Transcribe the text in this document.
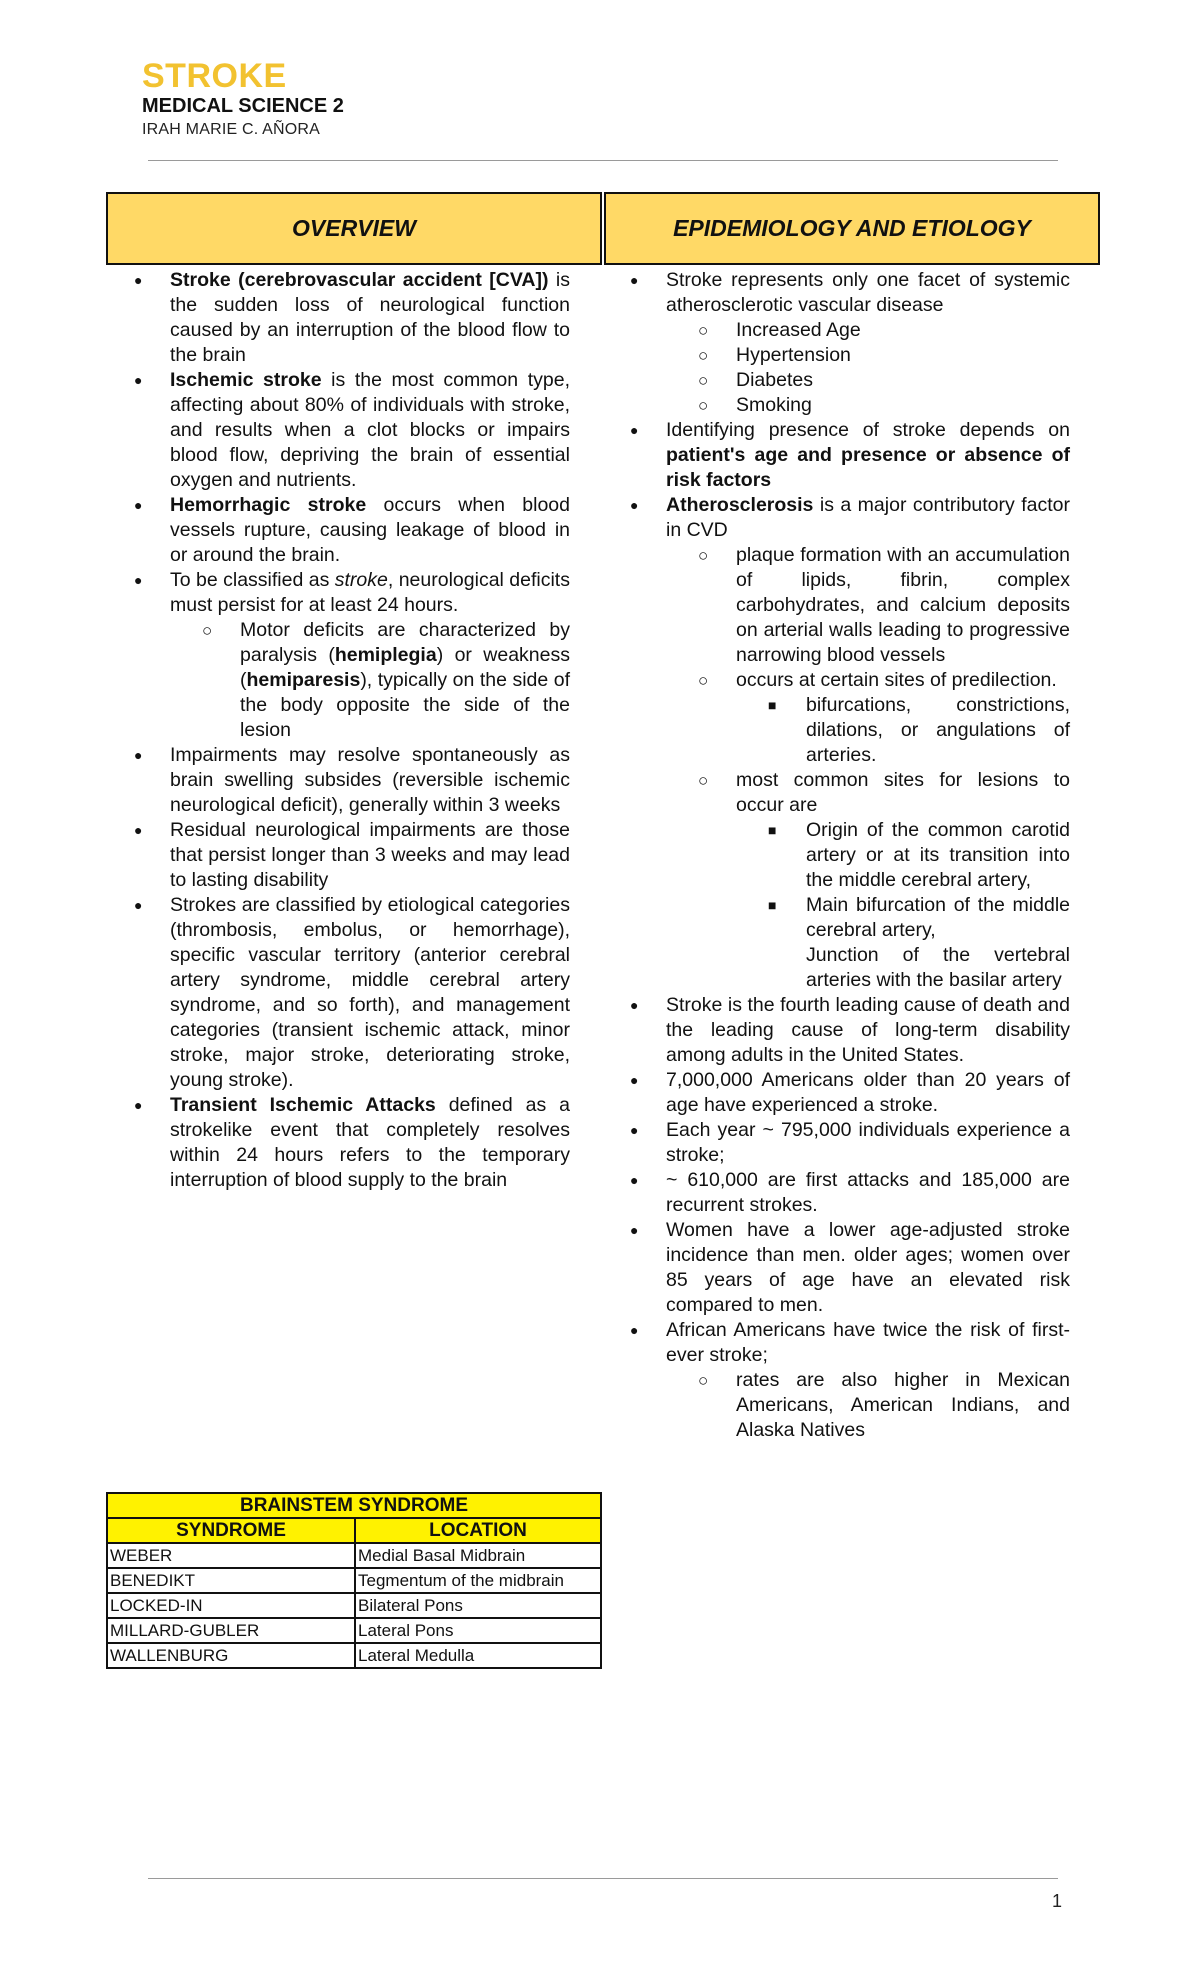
STROKE
MEDICAL SCIENCE 2
IRAH MARIE C. AÑORA
OVERVIEW	EPIDEMIOLOGY AND ETIOLOGY
● Stroke (cerebrovascular accident [CVA]) is the sudden loss of neurological function caused by an interruption of the blood flow to the brain
● Ischemic stroke is the most common type, affecting about 80% of individuals with stroke, and results when a clot blocks or impairs blood flow, depriving the brain of essential oxygen and nutrients.
● Hemorrhagic stroke occurs when blood vessels rupture, causing leakage of blood in or around the brain.
● To be classified as stroke, neurological deficits must persist for at least 24 hours.
○ Motor deficits are characterized by paralysis (hemiplegia) or weakness (hemiparesis), typically on the side of the body opposite the side of the lesion
● Impairments may resolve spontaneously as brain swelling subsides (reversible ischemic neurological deficit), generally within 3 weeks
● Residual neurological impairments are those that persist longer than 3 weeks and may lead to lasting disability
● Strokes are classified by etiological categories (thrombosis, embolus, or hemorrhage), specific vascular territory (anterior cerebral artery syndrome, middle cerebral artery syndrome, and so forth), and management categories (transient ischemic attack, minor stroke, major stroke, deteriorating stroke, young stroke).
● Transient Ischemic Attacks defined as a strokelike event that completely resolves within 24 hours refers to the temporary interruption of blood supply to the brain
● Stroke represents only one facet of systemic atherosclerotic vascular disease
○ Increased Age
○ Hypertension
○ Diabetes
○ Smoking
● Identifying presence of stroke depends on patient's age and presence or absence of risk factors
● Atherosclerosis is a major contributory factor in CVD
○ plaque formation with an accumulation of lipids, fibrin, complex carbohydrates, and calcium deposits on arterial walls leading to progressive narrowing blood vessels
○ occurs at certain sites of predilection.
■ bifurcations, constrictions, dilations, or angulations of arteries.
○ most common sites for lesions to occur are
■ Origin of the common carotid artery or at its transition into the middle cerebral artery,
■ Main bifurcation of the middle cerebral artery,
Junction of the vertebral arteries with the basilar artery
● Stroke is the fourth leading cause of death and the leading cause of long-term disability among adults in the United States.
● 7,000,000 Americans older than 20 years of age have experienced a stroke.
● Each year ~ 795,000 individuals experience a stroke;
● ~ 610,000 are first attacks and 185,000 are recurrent strokes.
● Women have a lower age-adjusted stroke incidence than men. older ages; women over 85 years of age have an elevated risk compared to men.
● African Americans have twice the risk of first-ever stroke;
○ rates are also higher in Mexican Americans, American Indians, and Alaska Natives
BRAINSTEM SYNDROME	
SYNDROME	LOCATION
WEBER	Medial Basal Midbrain
BENEDIKT	Tegmentum of the midbrain
LOCKED-IN	Bilateral Pons
MILLARD-GUBLER	Lateral Pons
WALLENBURG	Lateral Medulla
1
